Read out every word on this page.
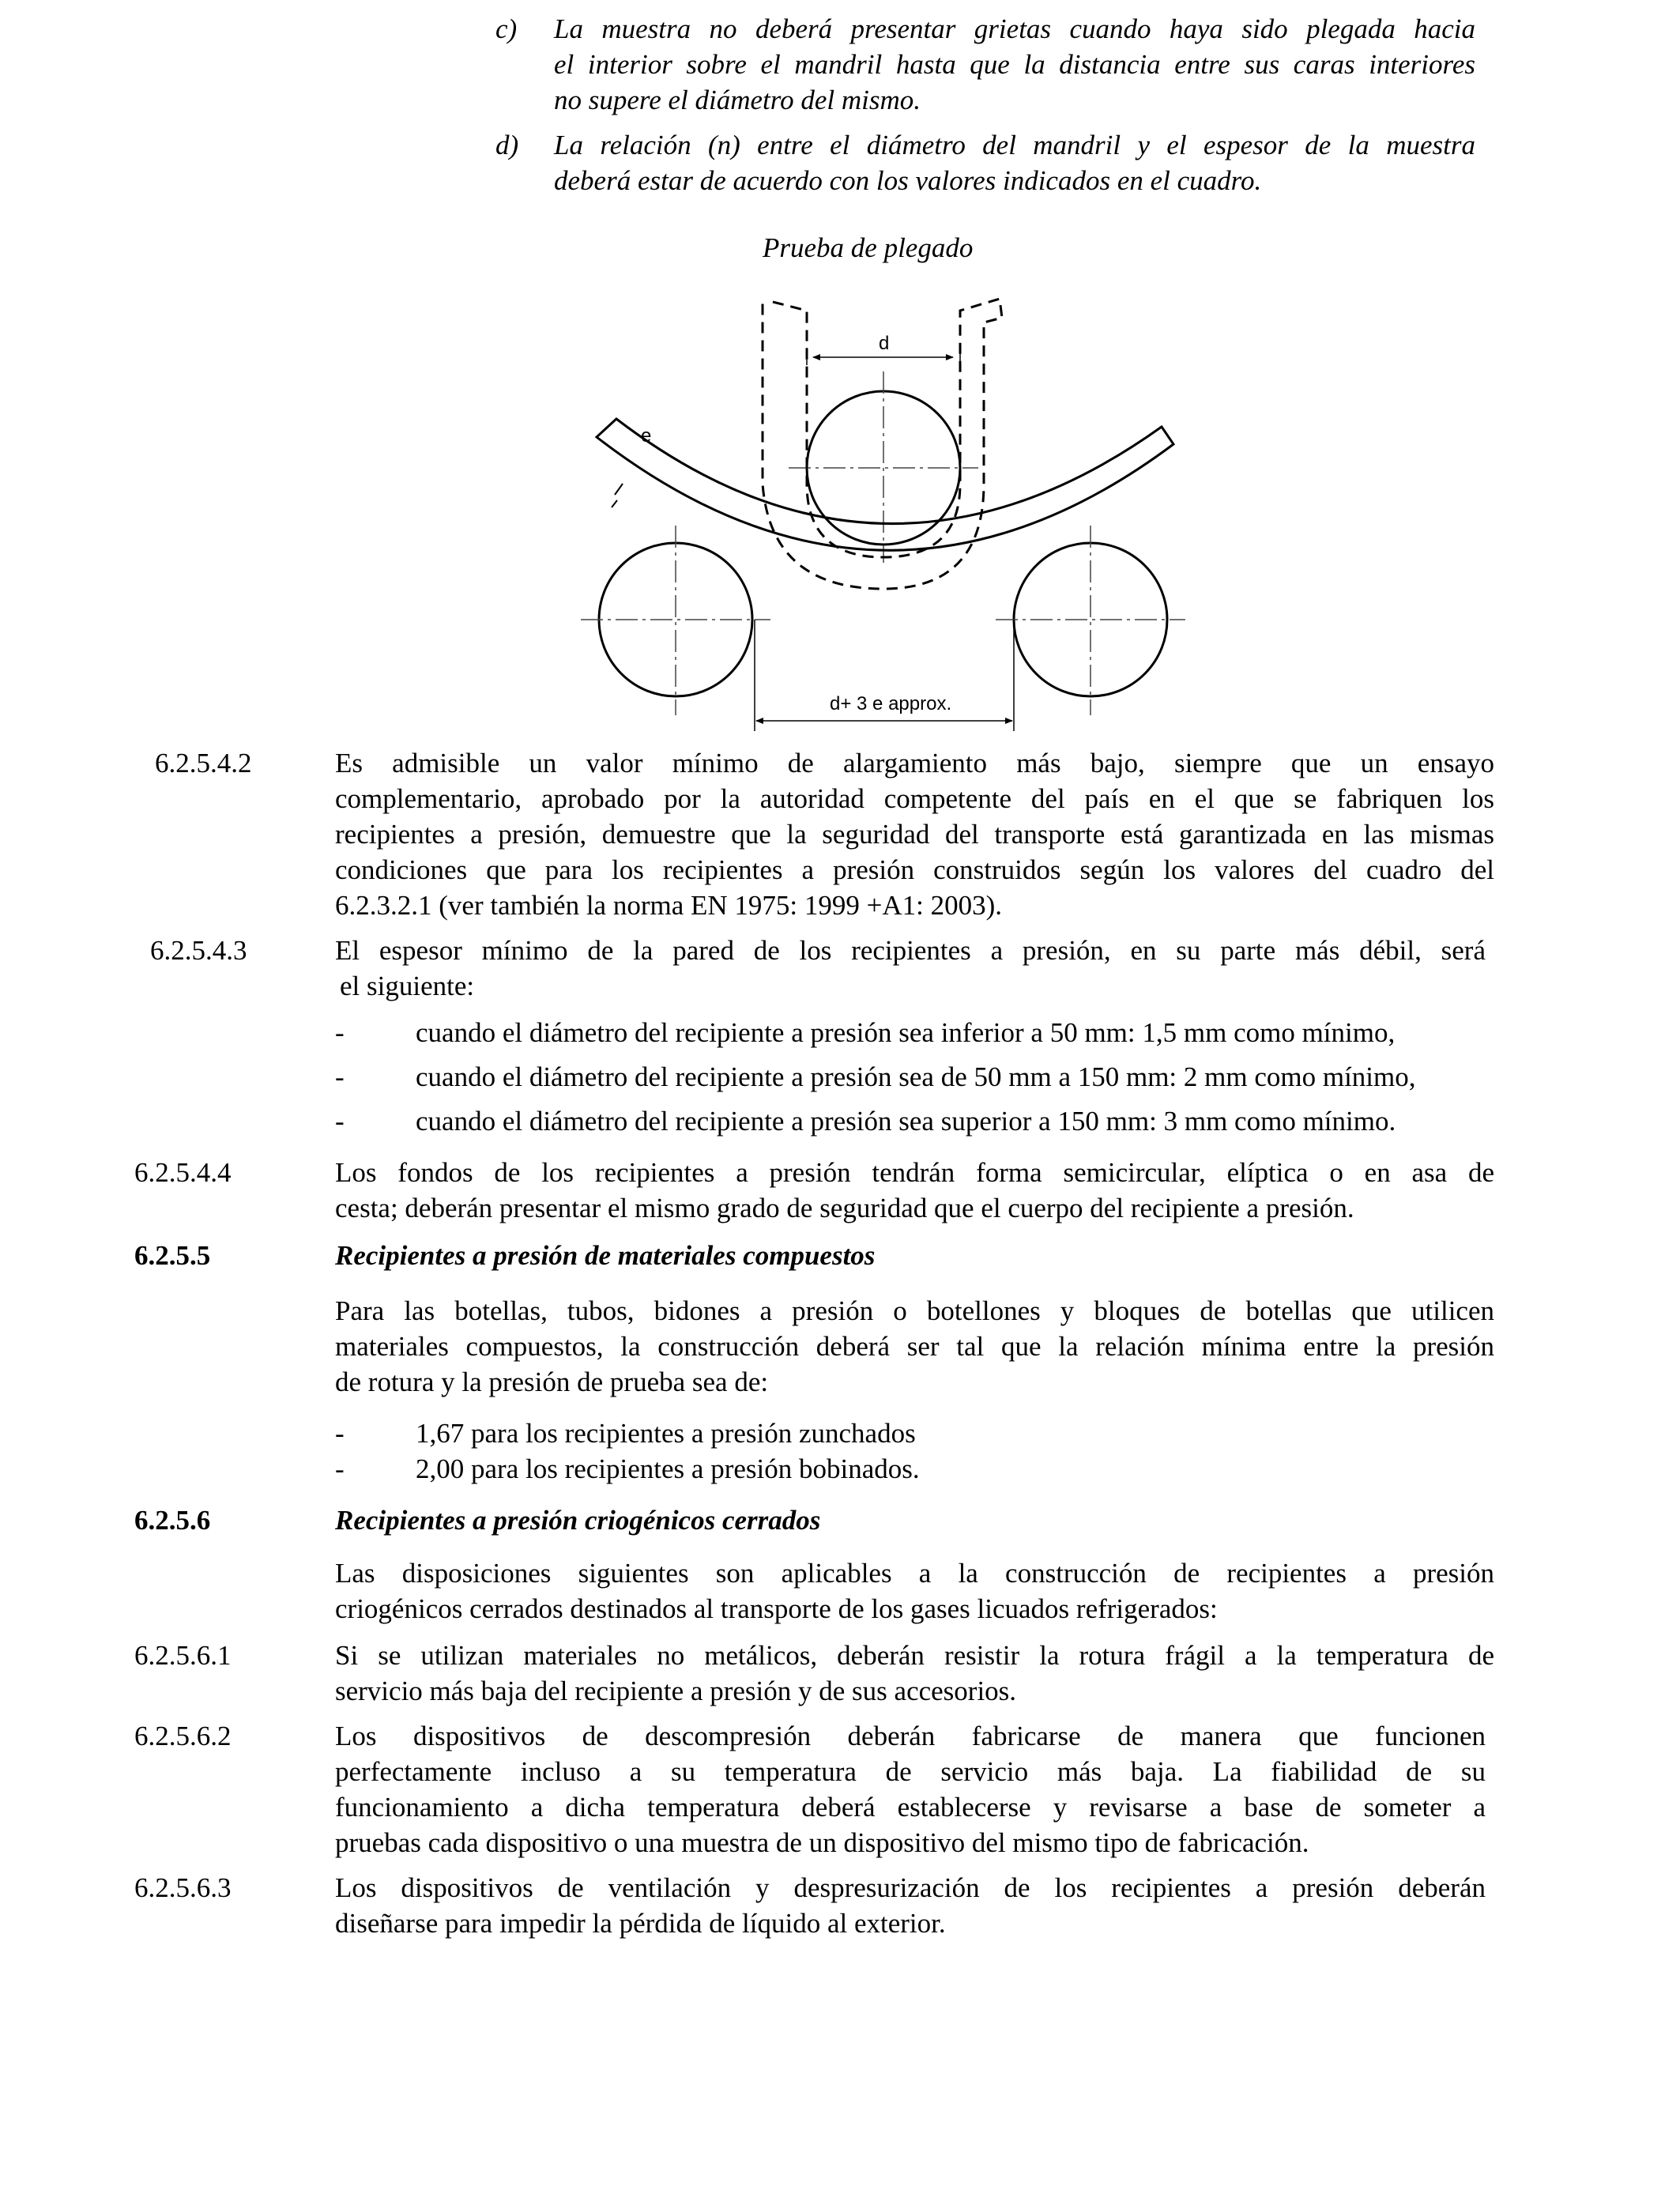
c) La muestra no deberá presentar grietas cuando haya sido plegada hacia
el interior sobre el mandril hasta que la distancia entre sus caras interiores
no supere el diámetro del mismo.
d) La relación (n) entre el diámetro del mandril y el espesor de la muestra
deberá estar de acuerdo con los valores indicados en el cuadro.
Prueba de plegado
d
e
d+ 3 e approx.
6.2.5.4.2	Es admisible un valor mínimo de alargamiento más bajo, siempre que un ensayo
complementario, aprobado por la autoridad competente del país en el que se fabriquen los
recipientes a presión, demuestre que la seguridad del transporte está garantizada en las mismas
condiciones que para los recipientes a presión construidos según los valores del cuadro del
6.2.3.2.1 (ver también la norma EN 1975: 1999 +A1: 2003).
6.2.5.4.3	El espesor mínimo de la pared de los recipientes a presión, en su parte más débil, será
el siguiente:
-	cuando el diámetro del recipiente a presión sea inferior a 50 mm: 1,5 mm como mínimo,
-	cuando el diámetro del recipiente a presión sea de 50 mm a 150 mm: 2 mm como mínimo,
-	cuando el diámetro del recipiente a presión sea superior a 150 mm: 3 mm como mínimo.
6.2.5.4.4	Los fondos de los recipientes a presión tendrán forma semicircular, elíptica o en asa de
cesta; deberán presentar el mismo grado de seguridad que el cuerpo del recipiente a presión.
6.2.5.5	Recipientes a presión de materiales compuestos
Para las botellas, tubos, bidones a presión o botellones y bloques de botellas que utilicen
materiales compuestos, la construcción deberá ser tal que la relación mínima entre la presión
de rotura y la presión de prueba sea de:
-	1,67 para los recipientes a presión zunchados
-	2,00 para los recipientes a presión bobinados.
6.2.5.6	Recipientes a presión criogénicos cerrados
Las disposiciones siguientes son aplicables a la construcción de recipientes a presión
criogénicos cerrados destinados al transporte de los gases licuados refrigerados:
6.2.5.6.1	Si se utilizan materiales no metálicos, deberán resistir la rotura frágil a la temperatura de
servicio más baja del recipiente a presión y de sus accesorios.
6.2.5.6.2	Los dispositivos de descompresión deberán fabricarse de manera que funcionen
perfectamente incluso a su temperatura de servicio más baja. La fiabilidad de su
funcionamiento a dicha temperatura deberá establecerse y revisarse a base de someter a
pruebas cada dispositivo o una muestra de un dispositivo del mismo tipo de fabricación.
6.2.5.6.3	Los dispositivos de ventilación y despresurización de los recipientes a presión deberán
diseñarse para impedir la pérdida de líquido al exterior.
